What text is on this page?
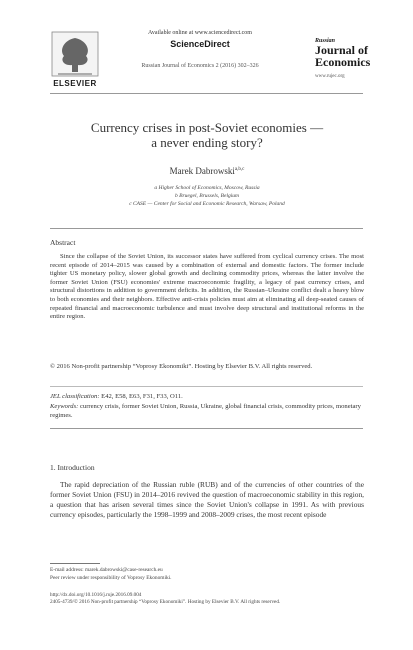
ELSEVIER
Available online at www.sciencedirect.com
ScienceDirect
Russian Journal of Economics 2 (2016) 302–326
Russian
Journal of
Economics
www.rujec.org
Currency crises in post-Soviet economies —
a never ending story?
Marek Dabrowski$^{a,b,c}$
a Higher School of Economics, Moscow, Russia
b Bruegel, Brussels, Belgium
c CASE — Center for Social and Economic Research, Warsaw, Poland
Abstract
Since the collapse of the Soviet Union, its successor states have suffered from cyclical currency crises. The most recent episode of 2014–2015 was caused by a combination of external and domestic factors. The former include tighter US monetary policy, slower global growth and declining commodity prices, whereas the latter involve the former Soviet Union (FSU) economies' extreme macroeconomic fragility, a legacy of past currency crises, and structural distortions in addition to government deficits. In addition, the Russian–Ukraine conflict dealt a heavy blow to both economies and their neighbors. Effective anti-crisis policies must aim at eliminating all deep-seated causes of repeated financial and macroeconomic turbulence and must involve deep structural and institutional reforms in the entire region.
© 2016 Non-profit partnership “Voprosy Ekonomiki”. Hosting by Elsevier B.V. All rights reserved.
JEL classification: E42, E58, E63, F31, F33, O11.
Keywords: currency crisis, former Soviet Union, Russia, Ukraine, global financial crisis, commodity prices, monetary regimes.
1. Introduction
The rapid depreciation of the Russian ruble (RUB) and of the currencies of other countries of the former Soviet Union (FSU) in 2014–2016 revived the question of macroeconomic stability in this region, a question that has arisen several times since the Soviet Union's collapse in 1991. As with previous currency episodes, particularly the 1998–1999 and 2008–2009 crises, the most recent episode
E-mail address: marek.dabrowski@case-research.eu
Peer review under responsibility of Voprosy Ekonomiki.
http://dx.doi.org/10.1016/j.ruje.2016.09.004
2405-4739/© 2016 Non-profit partnership “Voprosy Ekonomiki”. Hosting by Elsevier B.V. All rights reserved.
